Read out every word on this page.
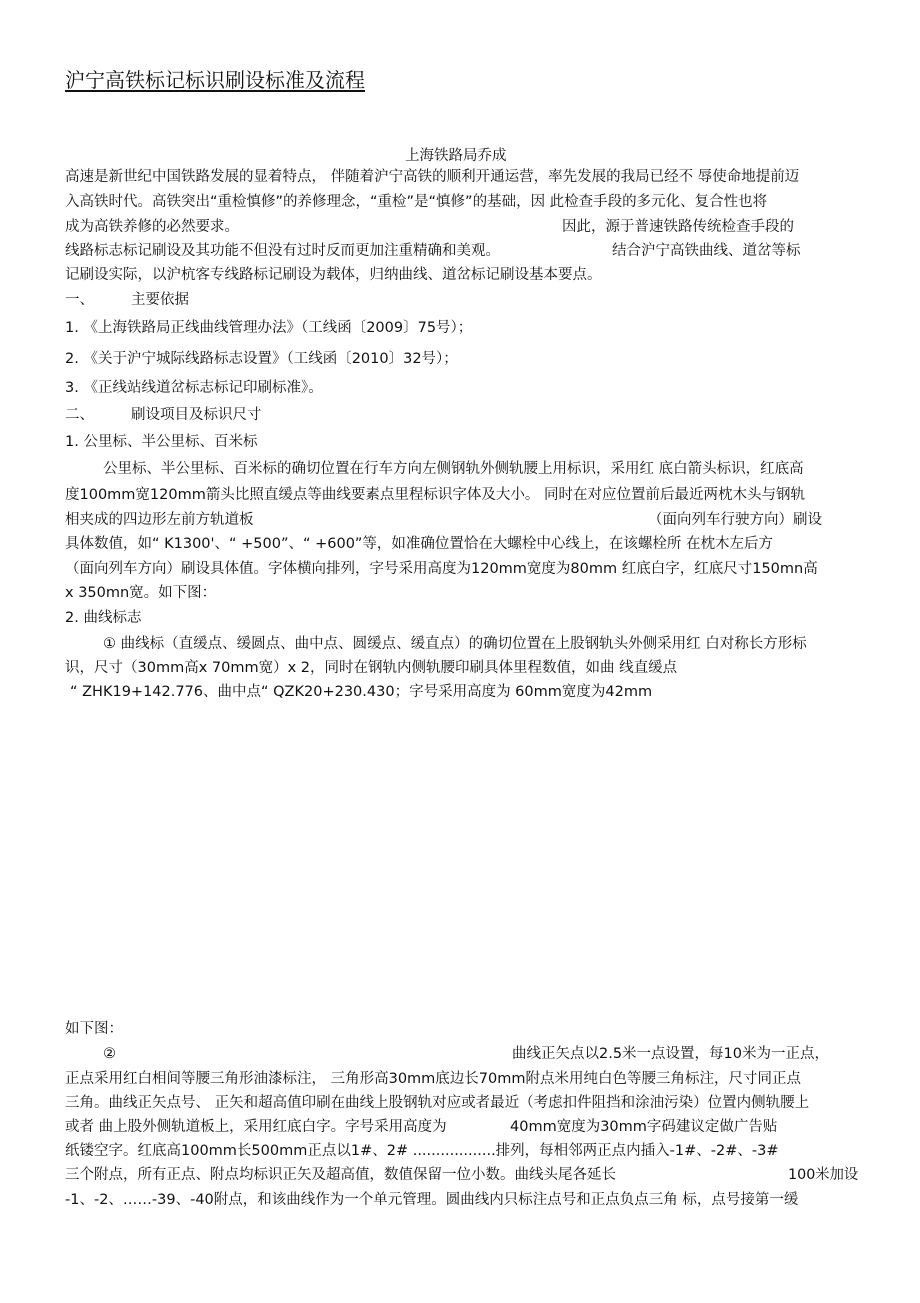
沪宁高铁标记标识刷设标准及流程
上海铁路局乔成
高速是新世纪中国铁路发展的显着特点， 伴随着沪宁高铁的顺利开通运营，率先发展的我局已经不 辱使命地提前迈
入高铁时代。高铁突出“重检慎修”的养修理念，“重检”是“慎修”的基础，因 此检查手段的多元化、复合性也将
成为高铁养修的必然要求。	因此，源于普速铁路传统检查手段的
线路标志标记刷设及其功能不但没有过时反而更加注重精确和美观。	结合沪宁高铁曲线、道岔等标
记刷设实际，以沪杭客专线路标记刷设为载体，归纳曲线、道岔标记刷设基本要点。
一、	主要依据
1. 《上海铁路局正线曲线管理办法》（工线函〔2009〕75号）；
2. 《关于沪宁城际线路标志设置》（工线函〔2010〕32号）；
3. 《正线站线道岔标志标记印刷标准》。
二、	刷设项目及标识尺寸
1. 公里标、半公里标、百米标
公里标、半公里标、百米标的确切位置在行车方向左侧钢轨外侧轨腰上用标识，采用红 底白箭头标识，红底高
度100mm宽120mm箭头比照直缓点等曲线要素点里程标识字体及大小。 同时在对应位置前后最近两枕木头与钢轨
相夹成的四边形左前方轨道板	（面向列车行驶方向）刷设
具体数值，如“ K1300'、“ +500”、“ +600”等，如准确位置恰在大螺栓中心线上，在该螺栓所 在枕木左后方
（面向列车方向）刷设具体值。字体横向排列，字号采用高度为120mm宽度为80mm 红底白字，红底尺寸150mn高
x 350mn宽。如下图：
2. 曲线标志
① 曲线标（直缓点、缓圆点、曲中点、圆缓点、缓直点）的确切位置在上股钢轨头外侧采用红 白对称长方形标
识，尺寸（30mm高x 70mm宽）x 2，同时在钢轨内侧轨腰印刷具体里程数值，如曲 线直缓点
“ ZHK19+142.776、曲中点“ QZK20+230.430；字号采用高度为 60mm宽度为42mm
如下图：
②	曲线正矢点以2.5米一点设置，每10米为一正点，
正点采用红白相间等腰三角形油漆标注， 三角形高30mm底边长70mm附点米用纯白色等腰三角标注，尺寸同正点
三角。曲线正矢点号、 正矢和超高值印刷在曲线上股钢轨对应或者最近（考虑扣件阻挡和涂油污染）位置内侧轨腰上
或者 曲上股外侧轨道板上，采用红底白字。字号采用高度为	40mm宽度为30mm字码建议定做广告贴
纸镂空字。红底高100mm长500mm正点以1#、2# ..................排列，每相邻两正点内插入-1#、-2#、-3#
三个附点，所有正点、附点均标识正矢及超高值，数值保留一位小数。曲线头尾各延长	100米加设
-1、-2、……-39、-40附点，和该曲线作为一个单元管理。圆曲线内只标注点号和正点负点三角 标，点号接第一缓
